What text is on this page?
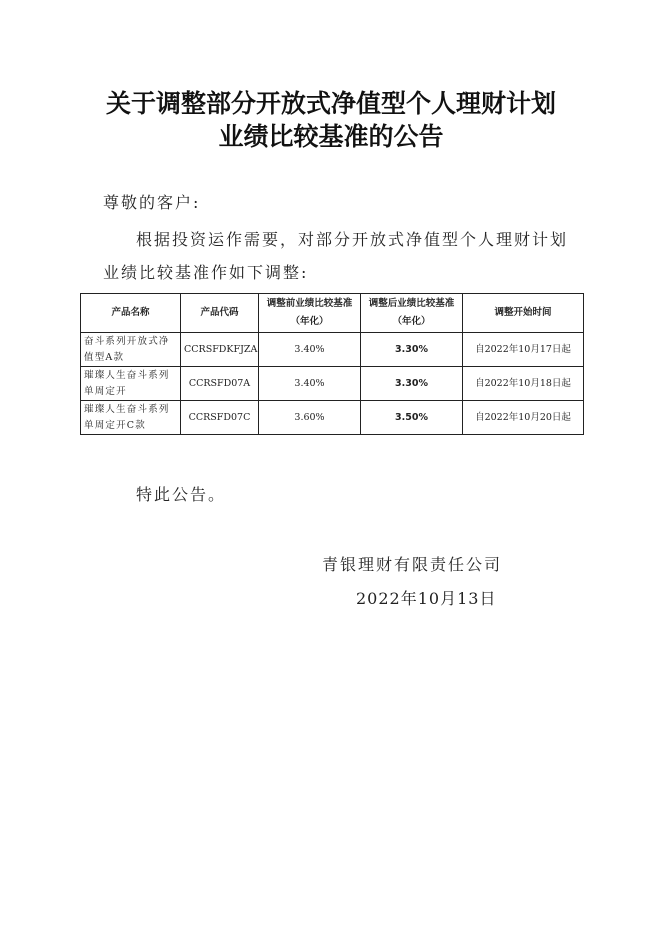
关于调整部分开放式净值型个人理财计划
业绩比较基准的公告
尊敬的客户:
根据投资运作需要，对部分开放式净值型个人理财计划
业绩比较基准作如下调整:
产品名称	产品代码	调整前业绩比较基准（年化）	调整后业绩比较基准（年化）	调整开始时间
奋斗系列开放式净值型A款	CCRSFDKFJZA	3.40%	3.30%	自2022年10月17日起
璀璨人生奋斗系列单周定开	CCRSFD07A	3.40%	3.30%	自2022年10月18日起
璀璨人生奋斗系列单周定开C款	CCRSFD07C	3.60%	3.50%	自2022年10月20日起
特此公告。
青银理财有限责任公司
2022年10月13日
